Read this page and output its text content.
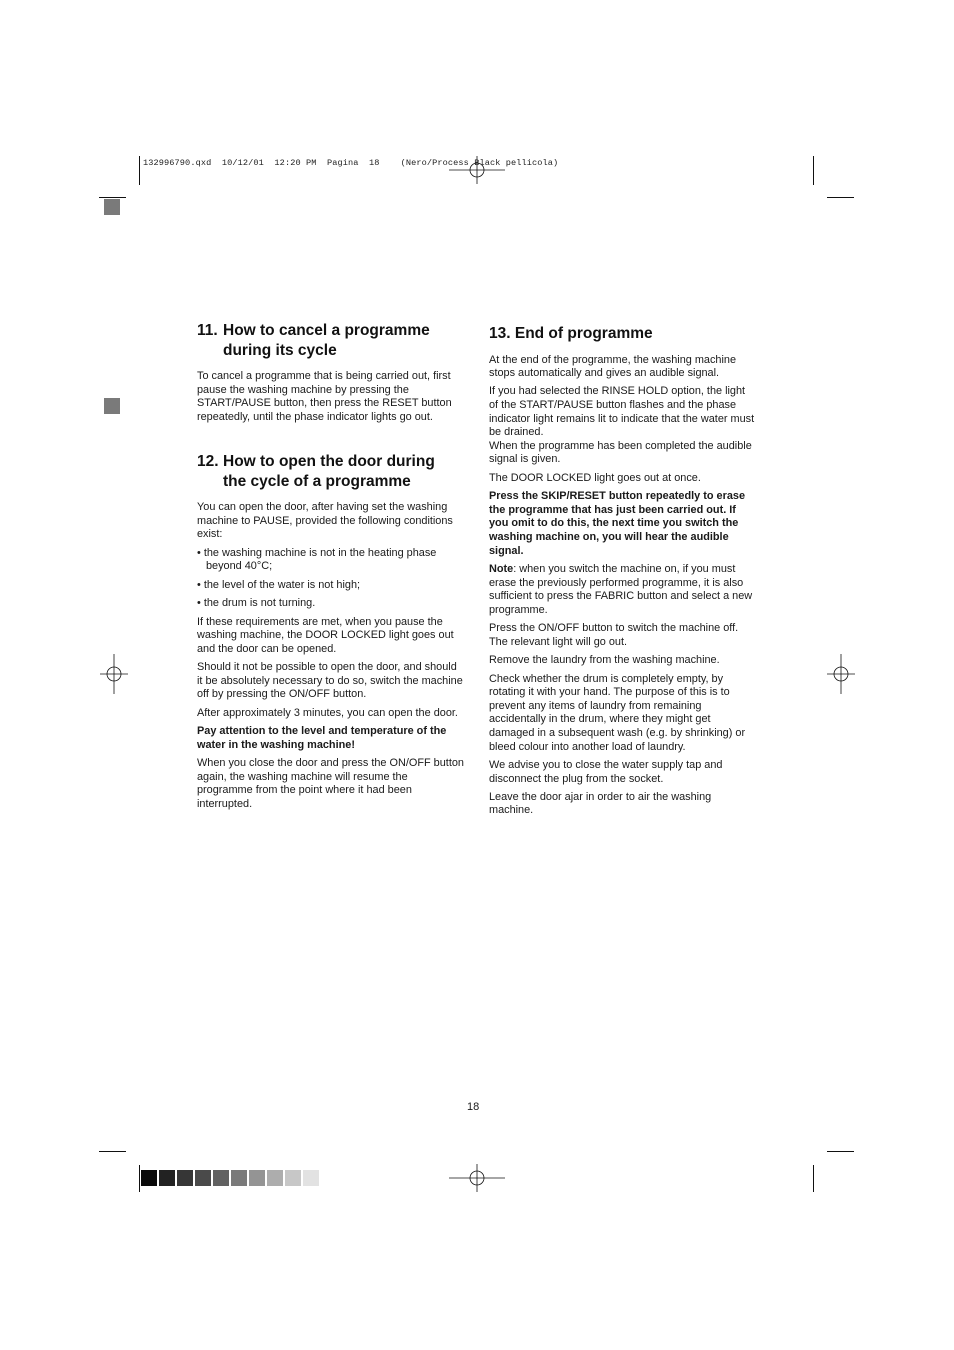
132996790.qxd  10/12/01  12:20 PM  Pagina  18    (Nero/Process Black pellicola)
11. How to cancel a programme
during its cycle

To cancel a programme that is being carried out, first pause the washing machine by pressing the START/PAUSE button, then press the RESET button repeatedly, until the phase indicator lights go out.

12. How to open the door during
the cycle of a programme

You can open the door, after having set the washing machine to PAUSE, provided the following conditions exist:

• the washing machine is not in the heating phase beyond 40°C;

• the level of the water is not high;

• the drum is not turning.

If these requirements are met, when you pause the washing machine, the DOOR LOCKED light goes out and the door can be opened.

Should it not be possible to open the door, and should it be absolutely necessary to do so, switch the machine off by pressing the ON/OFF button.

After approximately 3 minutes, you can open the door.

Pay attention to the level and temperature of the water in the washing machine!

When you close the door and press the ON/OFF button again, the washing machine will resume the programme from the point where it had been interrupted.

13. End of programme

At the end of the programme, the washing machine stops automatically and gives an audible signal.

If you had selected the RINSE HOLD option, the light of the START/PAUSE button flashes and the phase indicator light remains lit to indicate that the water must be drained.

When the programme has been completed the audible signal is given.

The DOOR LOCKED light goes out at once.

Press the SKIP/RESET button repeatedly to erase the programme that has just been carried out. If you omit to do this, the next time you switch the washing machine on, you will hear the audible signal.

Note: when you switch the machine on, if you must erase the previously performed programme, it is also sufficient to press the FABRIC button and select a new programme.

Press the ON/OFF button to switch the machine off. The relevant light will go out.

Remove the laundry from the washing machine.

Check whether the drum is completely empty, by rotating it with your hand. The purpose of this is to prevent any items of laundry from remaining accidentally in the drum, where they might get damaged in a subsequent wash (e.g. by shrinking) or bleed colour into another load of laundry.

We advise you to close the water supply tap and disconnect the plug from the socket.

Leave the door ajar in order to air the washing machine.

18
